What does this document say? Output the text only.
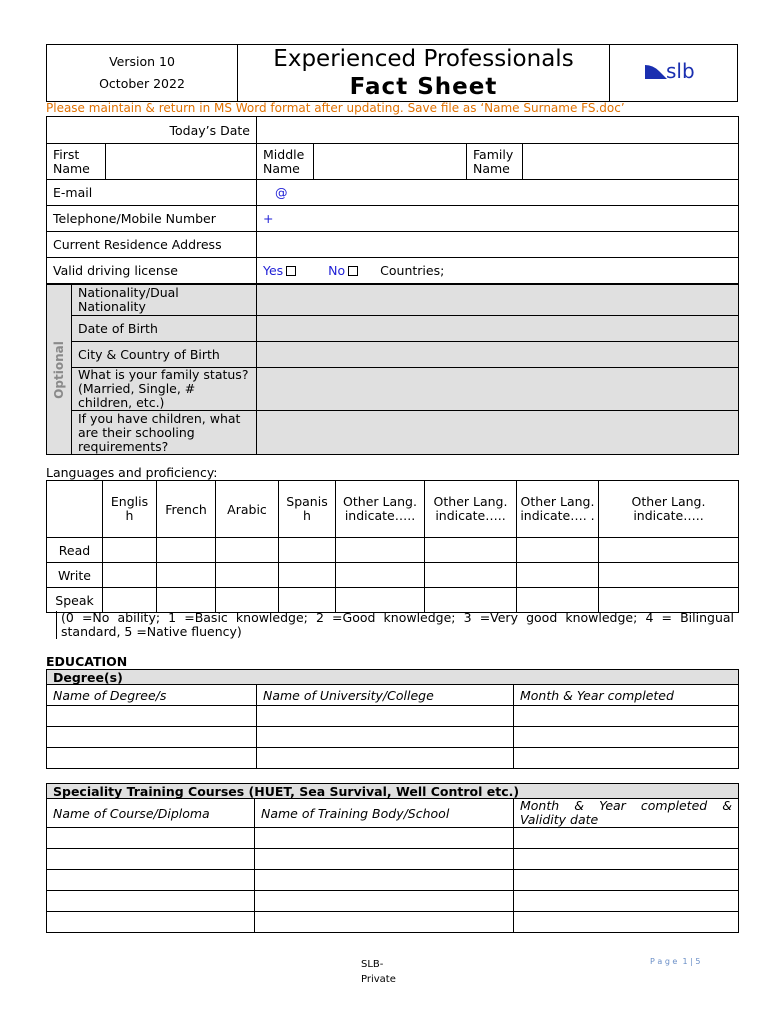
Version 10
October 2022

Experienced Professionals
Fact Sheet

slb
Please maintain & return in MS Word format after updating. Save file as ‘Name Surname FS.doc’
Today’s Date					
First Name		Middle Name		Family Name	
E-mail		@			
Telephone/Mobile Number		+			
Current Residence Address					
Valid driving license		Yes No Countries;			
Optional	Nationality/Dual Nationality	
	Date of Birth	
	City & Country of Birth	
	What is your family status? (Married, Single, # children, etc.)	
	If you have children, what are their schooling requirements?	
Languages and proficiency:
	Englis h	French	Arabic	Spanis h	Other Lang. indicate…..	Other Lang. indicate…..	Other Lang. indicate…. .	Other Lang. indicate…..
Read								
Write								
Speak								
(0 =No ability; 1 =Basic knowledge; 2 =Good knowledge; 3 =Very good knowledge; 4 = Bilingual
standard, 5 =Native fluency)
EDUCATION
Degree(s)		
Name of Degree/s	Name of University/College	Month & Year completed

Speciality Training Courses (HUET, Sea Survival, Well Control etc.)		
Name of Course/Diploma	Name of Training Body/School	Month & Year completed & Validity date

SLB-Private
P a g e  1 | 5
